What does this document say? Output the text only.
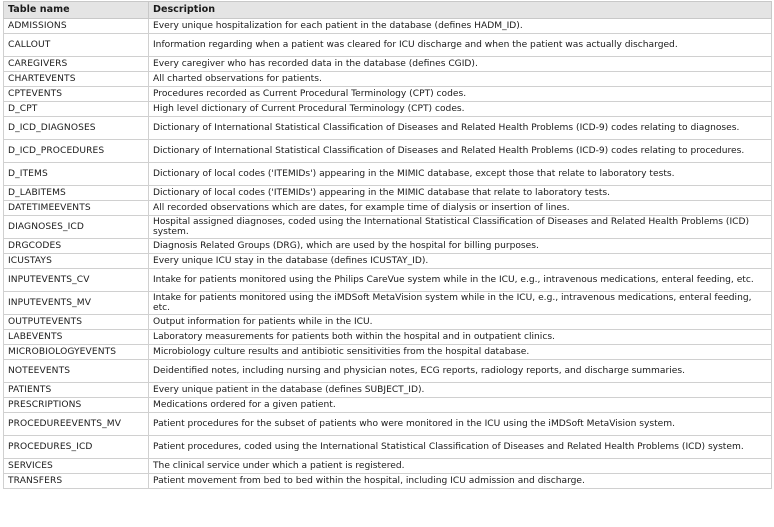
Table name	Description
ADMISSIONS	Every unique hospitalization for each patient in the database (defines HADM_ID).
CALLOUT	Information regarding when a patient was cleared for ICU discharge and when the patient was actually discharged.
CAREGIVERS	Every caregiver who has recorded data in the database (defines CGID).
CHARTEVENTS	All charted observations for patients.
CPTEVENTS	Procedures recorded as Current Procedural Terminology (CPT) codes.
D_CPT	High level dictionary of Current Procedural Terminology (CPT) codes.
D_ICD_DIAGNOSES	Dictionary of International Statistical Classification of Diseases and Related Health Problems (ICD-9) codes relating to diagnoses.
D_ICD_PROCEDURES	Dictionary of International Statistical Classification of Diseases and Related Health Problems (ICD-9) codes relating to procedures.
D_ITEMS	Dictionary of local codes ('ITEMIDs') appearing in the MIMIC database, except those that relate to laboratory tests.
D_LABITEMS	Dictionary of local codes ('ITEMIDs') appearing in the MIMIC database that relate to laboratory tests.
DATETIMEEVENTS	All recorded observations which are dates, for example time of dialysis or insertion of lines.
DIAGNOSES_ICD	Hospital assigned diagnoses, coded using the International Statistical Classification of Diseases and Related Health Problems (ICD) system.
DRGCODES	Diagnosis Related Groups (DRG), which are used by the hospital for billing purposes.
ICUSTAYS	Every unique ICU stay in the database (defines ICUSTAY_ID).
INPUTEVENTS_CV	Intake for patients monitored using the Philips CareVue system while in the ICU, e.g., intravenous medications, enteral feeding, etc.
INPUTEVENTS_MV	Intake for patients monitored using the iMDSoft MetaVision system while in the ICU, e.g., intravenous medications, enteral feeding, etc.
OUTPUTEVENTS	Output information for patients while in the ICU.
LABEVENTS	Laboratory measurements for patients both within the hospital and in outpatient clinics.
MICROBIOLOGYEVENTS	Microbiology culture results and antibiotic sensitivities from the hospital database.
NOTEEVENTS	Deidentified notes, including nursing and physician notes, ECG reports, radiology reports, and discharge summaries.
PATIENTS	Every unique patient in the database (defines SUBJECT_ID).
PRESCRIPTIONS	Medications ordered for a given patient.
PROCEDUREEVENTS_MV	Patient procedures for the subset of patients who were monitored in the ICU using the iMDSoft MetaVision system.
PROCEDURES_ICD	Patient procedures, coded using the International Statistical Classification of Diseases and Related Health Problems (ICD) system.
SERVICES	The clinical service under which a patient is registered.
TRANSFERS	Patient movement from bed to bed within the hospital, including ICU admission and discharge.
